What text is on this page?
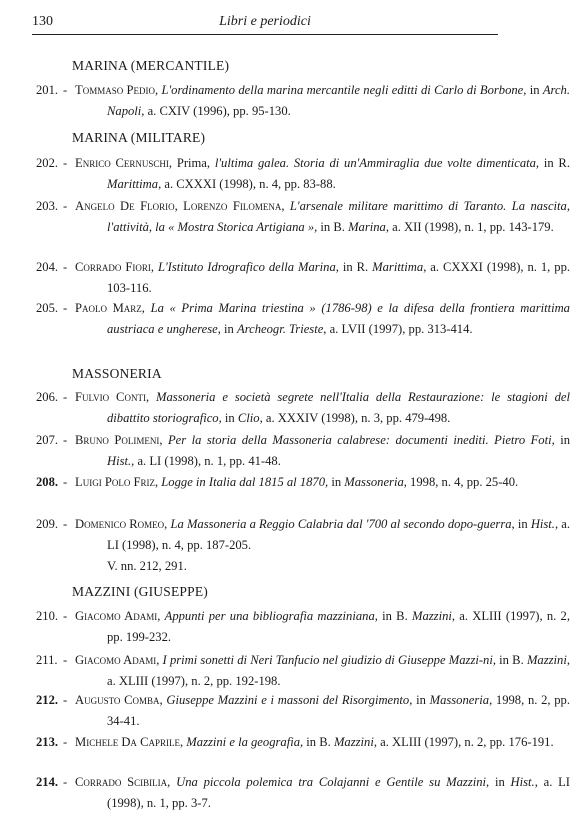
130	Libri e periodici
MARINA (MERCANTILE)
201.-Tommaso Pedio, L'ordinamento della marina mercantile negli editti di Carlo di Borbone, in Arch. Napoli, a. CXIV (1996), pp. 95-130.
MARINA (MILITARE)
202.-Enrico Cernuschi, Prima, l'ultima galea. Storia di un'Ammiraglia due volte dimenticata, in R. Marittima, a. CXXXI (1998), n. 4, pp. 83-88.
203.-Angelo De Florio, Lorenzo Filomena, L'arsenale militare marittimo di Taranto. La nascita, l'attività, la « Mostra Storica Artigiana », in B. Marina, a. XII (1998), n. 1, pp. 143-179.
204.-Corrado Fiori, L'Istituto Idrografico della Marina, in R. Marittima, a. CXXXI (1998), n. 1, pp. 103-116.
205.-Paolo Marz, La « Prima Marina triestina » (1786-98) e la difesa della frontiera marittima austriaca e ungherese, in Archeogr. Trieste, a. LVII (1997), pp. 313-414.
MASSONERIA
206.-Fulvio Conti, Massoneria e società segrete nell'Italia della Restaurazione: le stagioni del dibattito storiografico, in Clio, a. XXXIV (1998), n. 3, pp. 479-498.
207.-Bruno Polimeni, Per la storia della Massoneria calabrese: documenti inediti. Pietro Foti, in Hist., a. LI (1998), n. 1, pp. 41-48.
208.-Luigi Polo Friz, Logge in Italia dal 1815 al 1870, in Massoneria, 1998, n. 4, pp. 25-40.
209.-Domenico Romeo, La Massoneria a Reggio Calabria dal '700 al secondo dopo-guerra, in Hist., a. LI (1998), n. 4, pp. 187-205.
V. nn. 212, 291.
MAZZINI (GIUSEPPE)
210.-Giacomo Adami, Appunti per una bibliografia mazziniana, in B. Mazzini, a. XLIII (1997), n. 2, pp. 199-232.
211.-Giacomo Adami, I primi sonetti di Neri Tanfucio nel giudizio di Giuseppe Mazzi-ni, in B. Mazzini, a. XLIII (1997), n. 2, pp. 192-198.
212.-Augusto Comba, Giuseppe Mazzini e i massoni del Risorgimento, in Massoneria, 1998, n. 2, pp. 34-41.
213.-Michele Da Caprile, Mazzini e la geografia, in B. Mazzini, a. XLIII (1997), n. 2, pp. 176-191.
214.-Corrado Scibilia, Una piccola polemica tra Colajanni e Gentile su Mazzini, in Hist., a. LI (1998), n. 1, pp. 3-7.
